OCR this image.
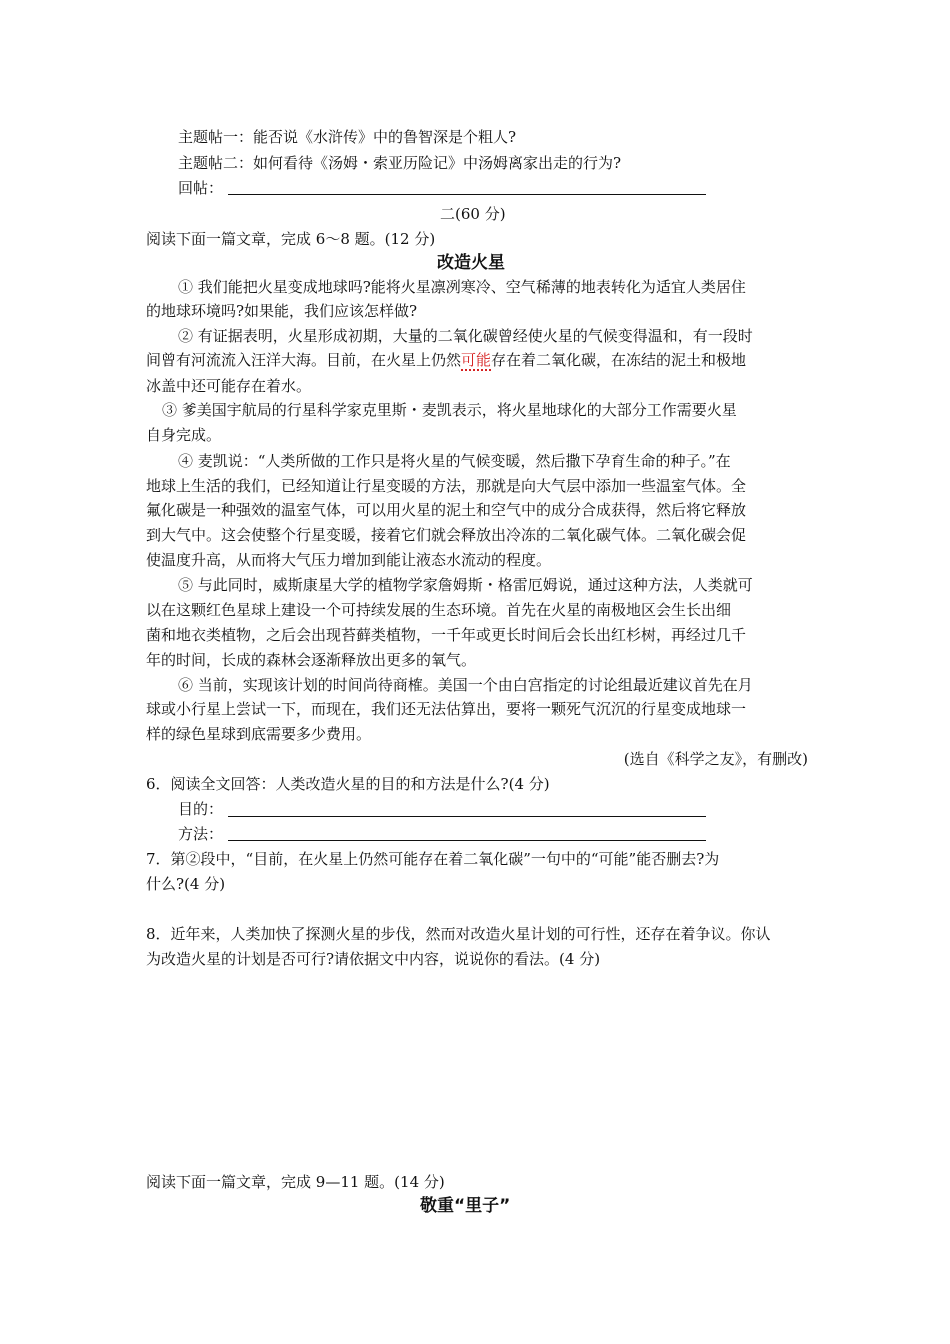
主题帖一：能否说《水浒传》中的鲁智深是个粗人?
主题帖二：如何看待《汤姆・索亚历险记》中汤姆离家出走的行为?
回帖：
二(60 分)
阅读下面一篇文章，完成 6～8 题。(12 分)
改造火星
① 我们能把火星变成地球吗?能将火星凛冽寒冷、空气稀薄的地表转化为适宜人类居住
的地球环境吗?如果能，我们应该怎样做?
② 有证据表明，火星形成初期，大量的二氧化碳曾经使火星的气候变得温和，有一段时
间曾有河流流入汪洋大海。目前，在火星上仍然可能存在着二氧化碳，在冻结的泥土和极地
冰盖中还可能存在着水。
③ 爹美国宇航局的行星科学家克里斯・麦凯表示，将火星地球化的大部分工作需要火星
自身完成。
④ 麦凯说：“人类所做的工作只是将火星的气候变暖，然后撒下孕育生命的种子。”在
地球上生活的我们，已经知道让行星变暖的方法，那就是向大气层中添加一些温室气体。全
氟化碳是一种强效的温室气体，可以用火星的泥土和空气中的成分合成获得，然后将它释放
到大气中。这会使整个行星变暖，接着它们就会释放出冷冻的二氧化碳气体。二氧化碳会促
使温度升高，从而将大气压力增加到能让液态水流动的程度。
⑤ 与此同时，威斯康星大学的植物学家詹姆斯・格雷厄姆说，通过这种方法，人类就可
以在这颗红色星球上建设一个可持续发展的生态环境。首先在火星的南极地区会生长出细
菌和地衣类植物，之后会出现苔藓类植物，一千年或更长时间后会长出红杉树，再经过几千
年的时间，长成的森林会逐渐释放出更多的氧气。
⑥ 当前，实现该计划的时间尚待商榷。美国一个由白宫指定的讨论组最近建议首先在月
球或小行星上尝试一下，而现在，我们还无法估算出，要将一颗死气沉沉的行星变成地球一
样的绿色星球到底需要多少费用。
(选自《科学之友》，有删改)
6．阅读全文回答：人类改造火星的目的和方法是什么?(4 分)
目的：
方法：
7．第②段中，“目前，在火星上仍然可能存在着二氧化碳”一句中的“可能”能否删去?为
什么?(4 分)
8．近年来，人类加快了探测火星的步伐，然而对改造火星计划的可行性，还存在着争议。你认
为改造火星的计划是否可行?请依据文中内容，说说你的看法。(4 分)
阅读下面一篇文章，完成 9—11 题。(14 分)
敬重“里子”
